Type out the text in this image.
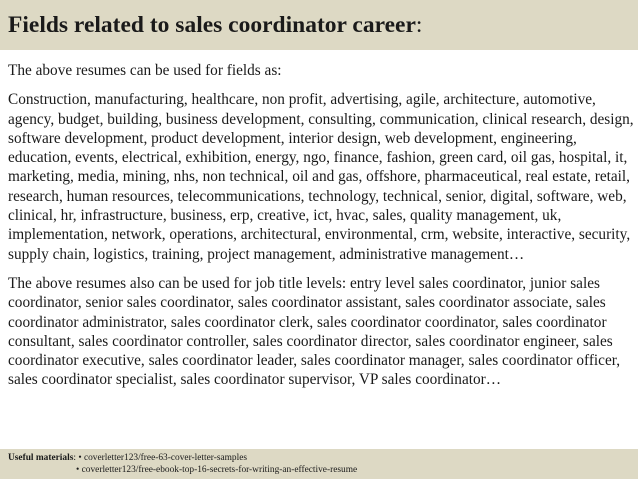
Fields related to sales coordinator career:

The above resumes can be used for fields as:

Construction, manufacturing, healthcare, non profit, advertising, agile, architecture, automotive, agency, budget, building, business development, consulting, communication, clinical research, design, software development, product development, interior design, web development, engineering, education, events, electrical, exhibition, energy, ngo, finance, fashion, green card, oil gas, hospital, it, marketing, media, mining, nhs, non technical, oil and gas, offshore, pharmaceutical, real estate, retail, research, human resources, telecommunications, technology, technical, senior, digital, software, web, clinical, hr, infrastructure, business, erp, creative, ict, hvac, sales, quality management, uk, implementation, network, operations, architectural, environmental, crm, website, interactive, security, supply chain, logistics, training, project management, administrative management…

The above resumes also can be used for job title levels: entry level sales coordinator, junior sales coordinator, senior sales coordinator, sales coordinator assistant, sales coordinator associate, sales coordinator administrator, sales coordinator clerk, sales coordinator coordinator, sales coordinator consultant, sales coordinator controller, sales coordinator director, sales coordinator engineer, sales coordinator executive, sales coordinator leader, sales coordinator manager, sales coordinator officer, sales coordinator specialist, sales coordinator supervisor, VP sales coordinator…

Useful materials: • coverletter123/free-63-cover-letter-samples
• coverletter123/free-ebook-top-16-secrets-for-writing-an-effective-resume
